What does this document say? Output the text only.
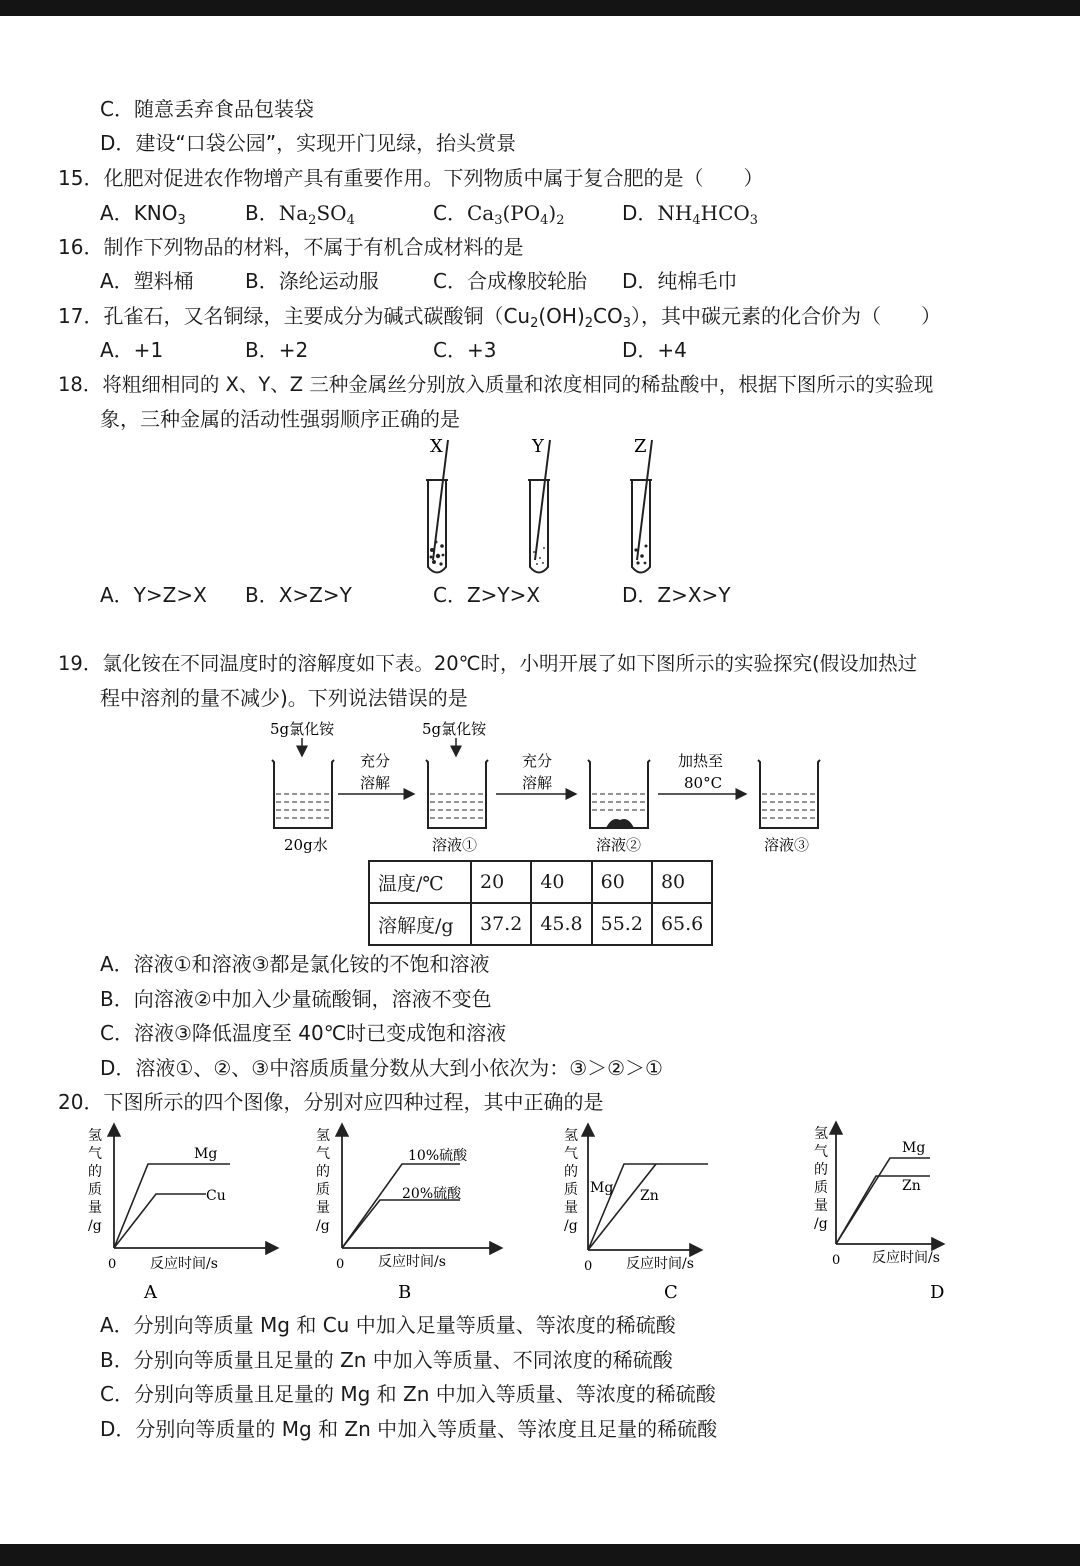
C．随意丢弃食品包装袋
D．建设“口袋公园”，实现开门见绿，抬头赏景
15．化肥对促进农作物增产具有重要作用。下列物质中属于复合肥的是（　　）
A．$KNO_3$	B．$Na_2SO_4$	C．$Ca_3(PO_4)_2$	D．$NH_4HCO_3$
16．制作下列物品的材料，不属于有机合成材料的是
A．塑料桶	B．涤纶运动服	C．合成橡胶轮胎 D．纯棉毛巾
17．孔雀石，又名铜绿，主要成分为碱式碳酸铜$(Cu_2(OH)_2CO_3)$，其中碳元素的化合价为（　　）
A．+1	B．+2	C．+3	D．+4
18．将粗细相同的 X、Y、Z 三种金属丝分别放入质量和浓度相同的稀盐酸中，根据下图所示的实验现
象，三种金属的活动性强弱顺序正确的是
X	Y	Z
A．Y>Z>X B．X>Z>Y	C．Z>Y>X	D．Z>X>Y
19．氯化铵在不同温度时的溶解度如下表。20℃时，小明开展了如下图所示的实验探究(假设加热过
程中溶剂的量不减少)。下列说法错误的是
5g氯化铵	5g氯化铵
20g水
充分
溶解
溶液①
充分
溶解
溶液②
加热至
80°C
溶液③
温度/℃	20	40	60	80
溶解度/g	37.2	45.8	55.2	65.6
A．溶液①和溶液③都是氯化铵的不饱和溶液
B．向溶液②中加入少量硫酸铜，溶液不变色
C．溶液③降低温度至 40℃时已变成饱和溶液
D．溶液①、②、③中溶质质量分数从大到小依次为：③＞②＞①
20．下图所示的四个图像，分别对应四种过程，其中正确的是
氢
气
的
质
量
/g
Mg
Cu
0 反应时间/s
A
氢
气
的
质
量
/g
10%硫酸
20%硫酸
0 反应时间/s
B
氢
气
的
质
量
/g
Mg Zn
0 反应时间/s
C
氢
气
的
质
量
/g
Mg
Zn
0 反应时间/s
D
A．分别向等质量 Mg 和 Cu 中加入足量等质量、等浓度的稀硫酸
B．分别向等质量且足量的 Zn 中加入等质量、不同浓度的稀硫酸
C．分别向等质量且足量的 Mg 和 Zn 中加入等质量、等浓度的稀硫酸
D．分别向等质量的 Mg 和 Zn 中加入等质量、等浓度且足量的稀硫酸
